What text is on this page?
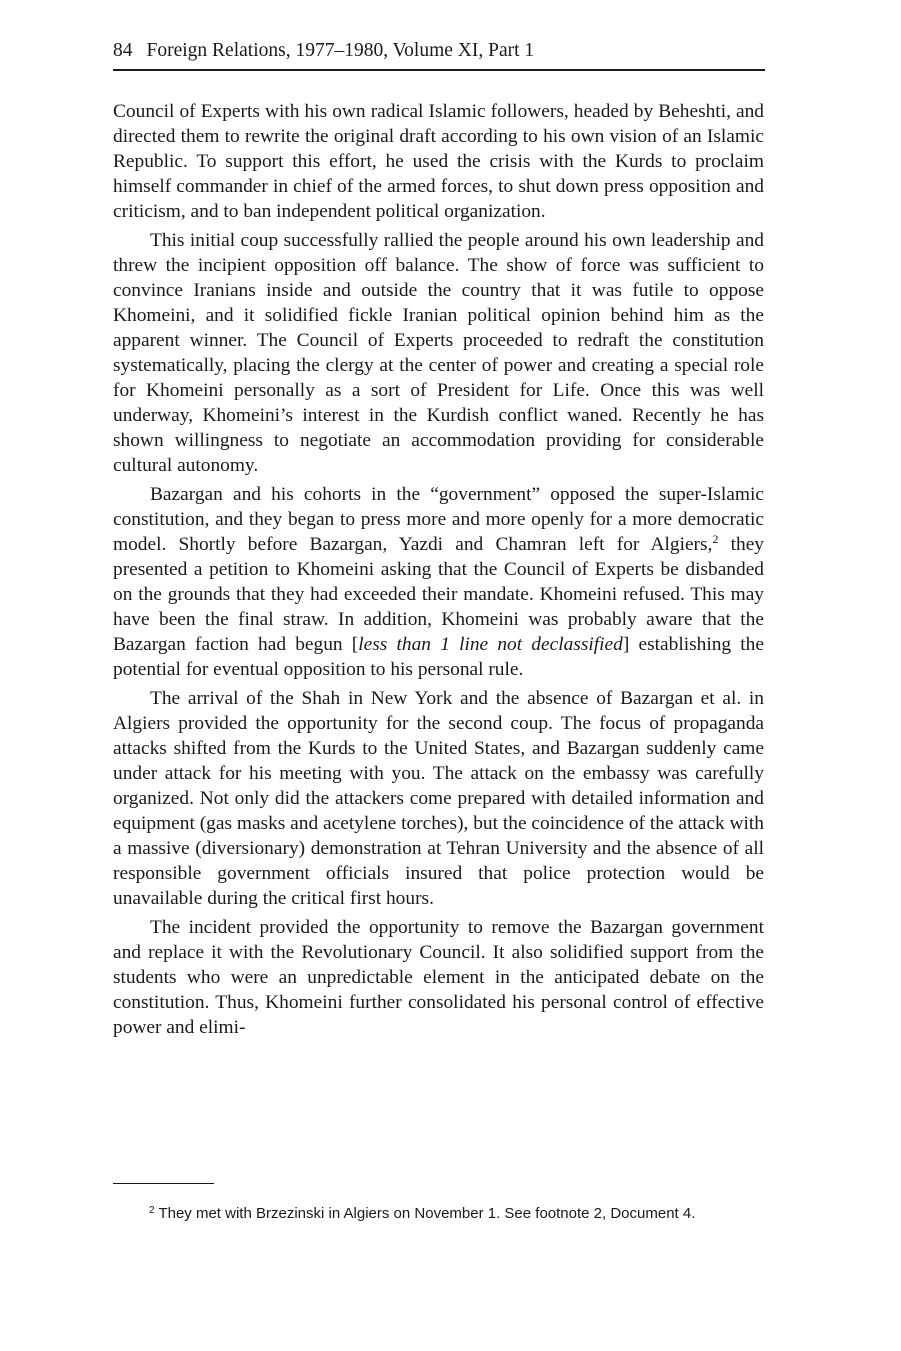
84 Foreign Relations, 1977–1980, Volume XI, Part 1

Council of Experts with his own radical Islamic followers, headed by Beheshti, and directed them to rewrite the original draft according to his own vision of an Islamic Republic. To support this effort, he used the crisis with the Kurds to proclaim himself commander in chief of the armed forces, to shut down press opposition and criticism, and to ban independent political organization.

This initial coup successfully rallied the people around his own leadership and threw the incipient opposition off balance. The show of force was sufficient to convince Iranians inside and outside the country that it was futile to oppose Khomeini, and it solidified fickle Iranian political opinion behind him as the apparent winner. The Council of Experts proceeded to redraft the constitution systematically, placing the clergy at the center of power and creating a special role for Khomeini personally as a sort of President for Life. Once this was well underway, Khomeini’s interest in the Kurdish conflict waned. Recently he has shown willingness to negotiate an accommodation providing for considerable cultural autonomy.

Bazargan and his cohorts in the “government” opposed the super-Islamic constitution, and they began to press more and more openly for a more democratic model. Shortly before Bazargan, Yazdi and Chamran left for Algiers,$^2$ they presented a petition to Khomeini asking that the Council of Experts be disbanded on the grounds that they had exceeded their mandate. Khomeini refused. This may have been the final straw. In addition, Khomeini was probably aware that the Bazargan faction had begun [less than 1 line not declassified] establishing the potential for eventual opposition to his personal rule.

The arrival of the Shah in New York and the absence of Bazargan et al. in Algiers provided the opportunity for the second coup. The focus of propaganda attacks shifted from the Kurds to the United States, and Bazargan suddenly came under attack for his meeting with you. The attack on the embassy was carefully organized. Not only did the attackers come prepared with detailed information and equipment (gas masks and acetylene torches), but the coincidence of the attack with a massive (diversionary) demonstration at Tehran University and the absence of all responsible government officials insured that police protection would be unavailable during the critical first hours.

The incident provided the opportunity to remove the Bazargan government and replace it with the Revolutionary Council. It also solidified support from the students who were an unpredictable element in the anticipated debate on the constitution. Thus, Khomeini further consolidated his personal control of effective power and elimi-

$^2$ They met with Brzezinski in Algiers on November 1. See footnote 2, Document 4.
